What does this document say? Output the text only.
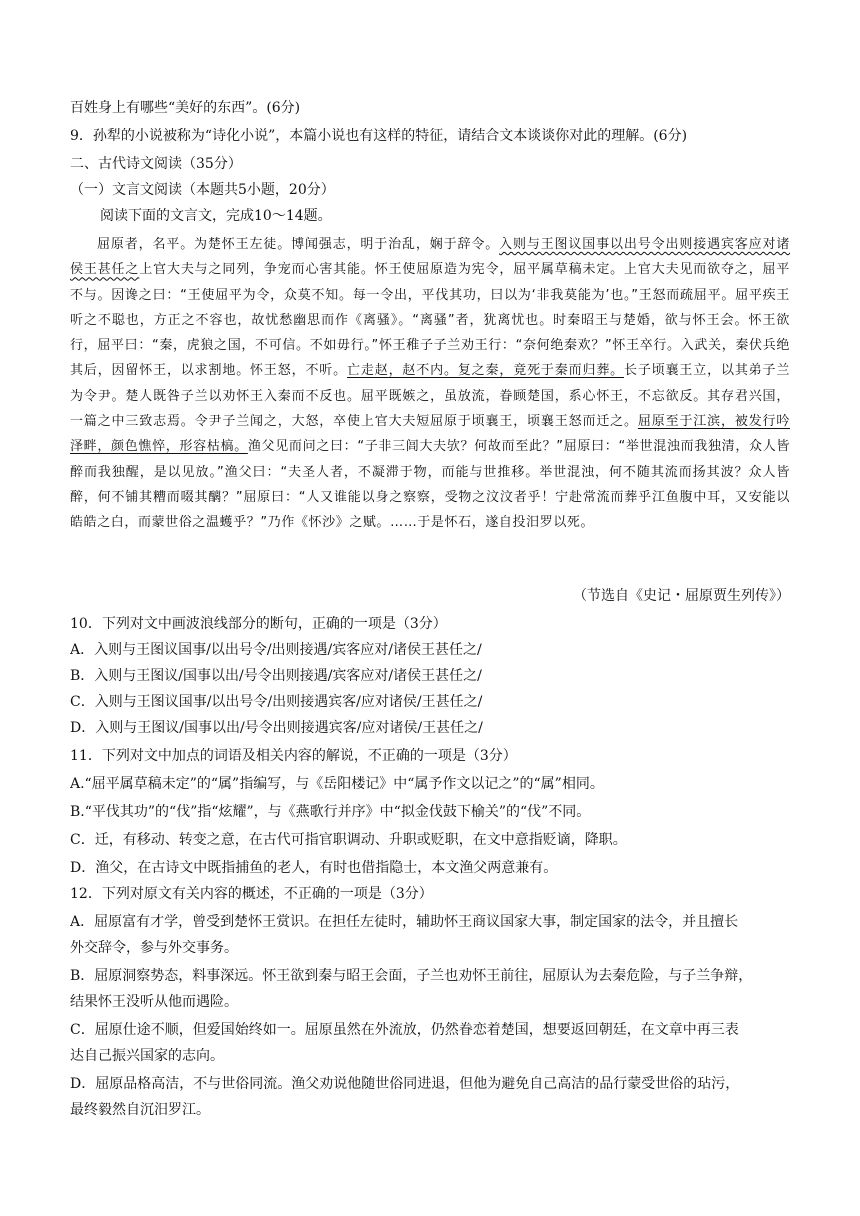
百姓身上有哪些“美好的东西”。(6分)
9．孙犁的小说被称为“诗化小说”，本篇小说也有这样的特征，请结合文本谈谈你对此的理解。(6分)
二、古代诗文阅读（35分）
（一）文言文阅读（本题共5小题，20分）
阅读下面的文言文，完成10～14题。

屈原者，名平。为楚怀王左徒。博闻强志，明于治乱，娴于辞令。入则与王图议国事以出号令出则接遇宾客应对诸侯王甚任之上官大夫与之同列，争宠而心害其能。怀王使屈原造为宪令，屈平属草稿未定。上官大夫见而欲夺之，屈平不与。因谗之曰：“王使屈平为令，众莫不知。每一令出，平伐其功，曰以为‘非我莫能为’也。”王怒而疏屈平。屈平疾王听之不聪也，方正之不容也，故忧愁幽思而作《离骚》。“离骚”者，犹离忧也。时秦昭王与楚婚，欲与怀王会。怀王欲行，屈平曰：“秦，虎狼之国，不可信。不如毋行。”怀王稚子子兰劝王行：“奈何绝秦欢？”怀王卒行。入武关，秦伏兵绝其后，因留怀王，以求割地。怀王怒，不听。亡走赵，赵不内。复之秦，竟死于秦而归葬。长子顷襄王立，以其弟子兰为令尹。楚人既咎子兰以劝怀王入秦而不反也。屈平既嫉之，虽放流，眷顾楚国，系心怀王，不忘欲反。其存君兴国，一篇之中三致志焉。令尹子兰闻之，大怒，卒使上官大夫短屈原于顷襄王，顷襄王怒而迁之。屈原至于江滨，被发行吟泽畔，颜色憔悴，形容枯槁。渔父见而问之曰：“子非三闾大夫欤？何故而至此？”屈原曰：“举世混浊而我独清，众人皆醉而我独醒，是以见放。”渔父曰：“夫圣人者，不凝滞于物，而能与世推移。举世混浊，何不随其流而扬其波？众人皆醉，何不铺其糟而啜其醨？”屈原曰：“人又谁能以身之察察，受物之汶汶者乎！宁赴常流而葬乎江鱼腹中耳，又安能以皓皓之白，而蒙世俗之温蠖乎？”乃作《怀沙》之赋。……于是怀石，遂自投汨罗以死。

（节选自《史记・屈原贾生列传》）
10．下列对文中画波浪线部分的断句，正确的一项是（3分）
A．入则与王图议国事/以出号令/出则接遇/宾客应对/诸侯王甚任之/
B．入则与王图议/国事以出/号令出则接遇/宾客应对/诸侯王甚任之/
C．入则与王图议国事/以出号令/出则接遇宾客/应对诸侯/王甚任之/
D．入则与王图议/国事以出/号令出则接遇宾客/应对诸侯/王甚任之/
11．下列对文中加点的词语及相关内容的解说，不正确的一项是（3分）
A.“屈平属草稿未定”的“属”指编写，与《岳阳楼记》中“属予作文以记之”的“属”相同。
B.“平伐其功”的“伐”指“炫耀”，与《燕歌行并序》中“拟金伐鼓下榆关”的“伐”不同。
C．迁，有移动、转变之意，在古代可指官职调动、升职或贬职，在文中意指贬谪，降职。
D．渔父，在古诗文中既指捕鱼的老人，有时也借指隐士，本文渔父两意兼有。
12．下列对原文有关内容的概述，不正确的一项是（3分）
A．屈原富有才学，曾受到楚怀王赏识。在担任左徒时，辅助怀王商议国家大事，制定国家的法令，并且擅长
外交辞令，参与外交事务。
B．屈原洞察势态，料事深远。怀王欲到秦与昭王会面，子兰也劝怀王前往，屈原认为去秦危险，与子兰争辩，
结果怀王没听从他而遇险。
C．屈原仕途不顺，但爱国始终如一。屈原虽然在外流放，仍然眷恋着楚国，想要返回朝廷，在文章中再三表
达自己振兴国家的志向。
D．屈原品格高洁，不与世俗同流。渔父劝说他随世俗同进退，但他为避免自己高洁的品行蒙受世俗的玷污，
最终毅然自沉汨罗江。
